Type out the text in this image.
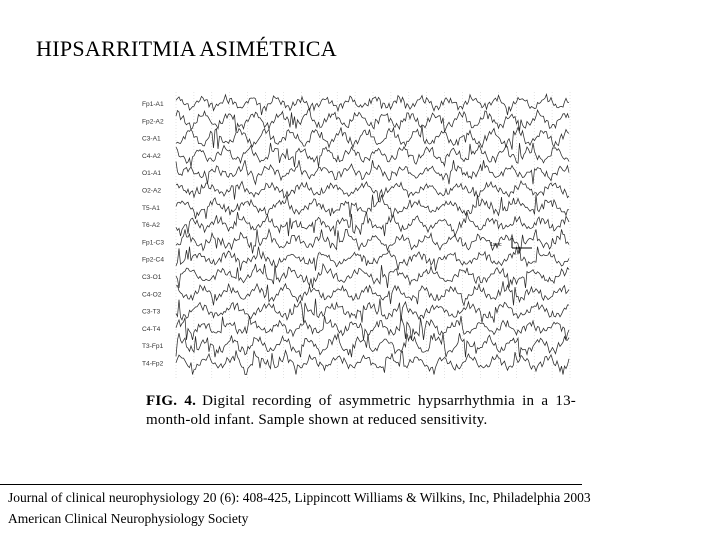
HIPSARRITMIA ASIMÉTRICA
Fp1-A1
Fp2-A2
C3-A1
C4-A2
O1-A1
O2-A2
T5-A1
T6-A2
Fp1-C3
Fp2-C4
C3-O1
C4-O2
C3-T3
C4-T4
T3-Fp1
T4-Fp2
1sec
FIG. 4. Digital recording of asymmetric hypsarrhythmia in a 13-month-old infant. Sample shown at reduced sensitivity.
Journal of clinical neurophysiology 20 (6): 408-425, Lippincott Williams & Wilkins, Inc, Philadelphia 2003
American Clinical Neurophysiology Society
